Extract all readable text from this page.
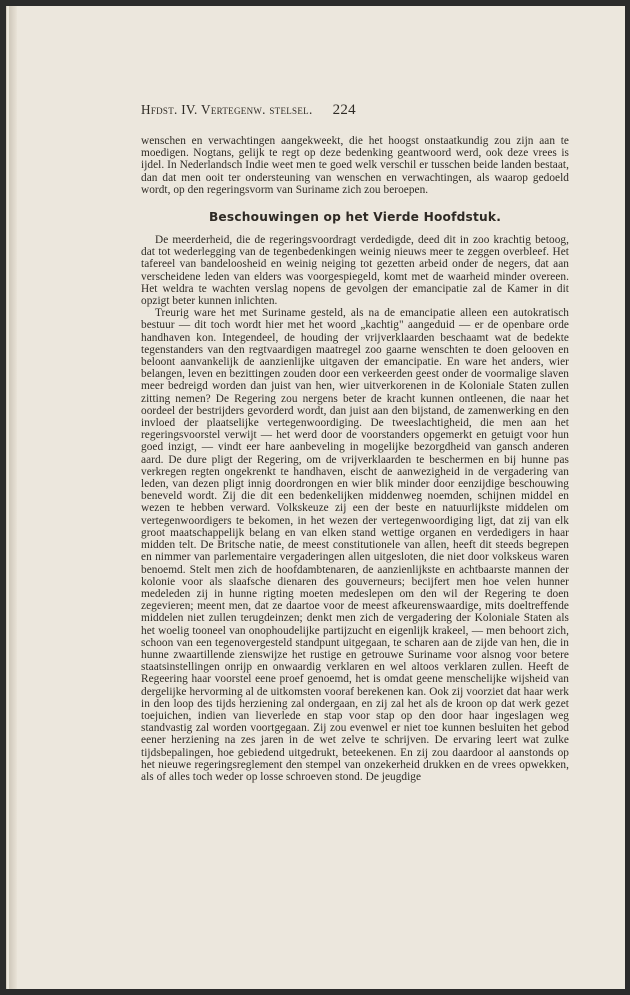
Hfdst. IV. Vertegenw. stelsel. 224

wenschen en verwachtingen aangekweekt, die het hoogst onstaatkundig zou zijn aan te moedigen. Nogtans, gelijk te regt op deze bedenking geantwoord werd, ook deze vrees is ijdel. In Nederlandsch Indie weet men te goed welk verschil er tusschen beide landen bestaat, dan dat men ooit ter ondersteuning van wenschen en verwachtingen, als waarop gedoeld wordt, op den regeringsvorm van Suriname zich zou beroepen.

Beschouwingen op het Vierde Hoofdstuk.

De meerderheid, die de regeringsvoordragt verdedigde, deed dit in zoo krachtig betoog, dat tot wederlegging van de tegenbedenkingen weinig nieuws meer te zeggen overbleef. Het tafereel van bandeloosheid en weinig neiging tot gezetten arbeid onder de negers, dat aan verscheidene leden van elders was voorgespiegeld, komt met de waarheid minder overeen. Het weldra te wachten verslag nopens de gevolgen der emancipatie zal de Kamer in dit opzigt beter kunnen inlichten.

Treurig ware het met Suriname gesteld, als na de emancipatie alleen een autokratisch bestuur — dit toch wordt hier met het woord „kachtig" aangeduid — er de openbare orde handhaven kon. Integendeel, de houding der vrijverklaarden beschaamt wat de bedekte tegenstanders van den regtvaardigen maatregel zoo gaarne wenschten te doen gelooven en beloont aanvankelijk de aanzienlijke uitgaven der emancipatie. En ware het anders, wier belangen, leven en bezittingen zouden door een verkeerden geest onder de voormalige slaven meer bedreigd worden dan juist van hen, wier uitverkorenen in de Koloniale Staten zullen zitting nemen? De Regering zou nergens beter de kracht kunnen ontleenen, die naar het oordeel der bestrijders gevorderd wordt, dan juist aan den bijstand, de zamenwerking en den invloed der plaatselijke vertegenwoordiging. De tweeslachtigheid, die men aan het regeringsvoorstel verwijt — het werd door de voorstanders opgemerkt en getuigt voor hun goed inzigt, — vindt eer hare aanbeveling in mogelijke bezorgdheid van gansch anderen aard. De dure pligt der Regering, om de vrijverklaarden te beschermen en bij hunne pas verkregen regten ongekrenkt te handhaven, eischt de aanwezigheid in de vergadering van leden, van dezen pligt innig doordrongen en wier blik minder door eenzijdige beschouwing beneveld wordt. Zij die dit een bedenkelijken middenweg noemden, schijnen middel en wezen te hebben verward. Volkskeuze zij een der beste en natuurlijkste middelen om vertegenwoordigers te bekomen, in het wezen der vertegenwoordiging ligt, dat zij van elk groot maatschappelijk belang en van elken stand wettige organen en verdedigers in haar midden telt. De Britsche natie, de meest constitutionele van allen, heeft dit steeds begrepen en nimmer van parlementaire vergaderingen allen uitgesloten, die niet door volkskeus waren benoemd. Stelt men zich de hoofdambtenaren, de aanzienlijkste en achtbaarste mannen der kolonie voor als slaafsche dienaren des gouverneurs; becijfert men hoe velen hunner medeleden zij in hunne rigting moeten medeslepen om den wil der Regering te doen zegevieren; meent men, dat ze daartoe voor de meest afkeurenswaardige, mits doeltreffende middelen niet zullen terugdeinzen; denkt men zich de vergadering der Koloniale Staten als het woelig tooneel van onophoudelijke partijzucht en eigenlijk krakeel, — men behoort zich, schoon van een tegenovergesteld standpunt uitgegaan, te scharen aan de zijde van hen, die in hunne zwaartillende zienswijze het rustige en getrouwe Suriname voor alsnog voor betere staatsinstellingen onrijp en onwaardig verklaren en wel altoos verklaren zullen. Heeft de Regeering haar voorstel eene proef genoemd, het is omdat geene menschelijke wijsheid van dergelijke hervorming al de uitkomsten vooraf berekenen kan. Ook zij voorziet dat haar werk in den loop des tijds herziening zal ondergaan, en zij zal het als de kroon op dat werk gezet toejuichen, indien van lieverlede en stap voor stap op den door haar ingeslagen weg standvastig zal worden voortgegaan. Zij zou evenwel er niet toe kunnen besluiten het gebod eener herziening na zes jaren in de wet zelve te schrijven. De ervaring leert wat zulke tijdsbepalingen, hoe gebiedend uitgedrukt, beteekenen. En zij zou daardoor al aanstonds op het nieuwe regeringsreglement den stempel van onzekerheid drukken en de vrees opwekken, als of alles toch weder op losse schroeven stond. De jeugdige
